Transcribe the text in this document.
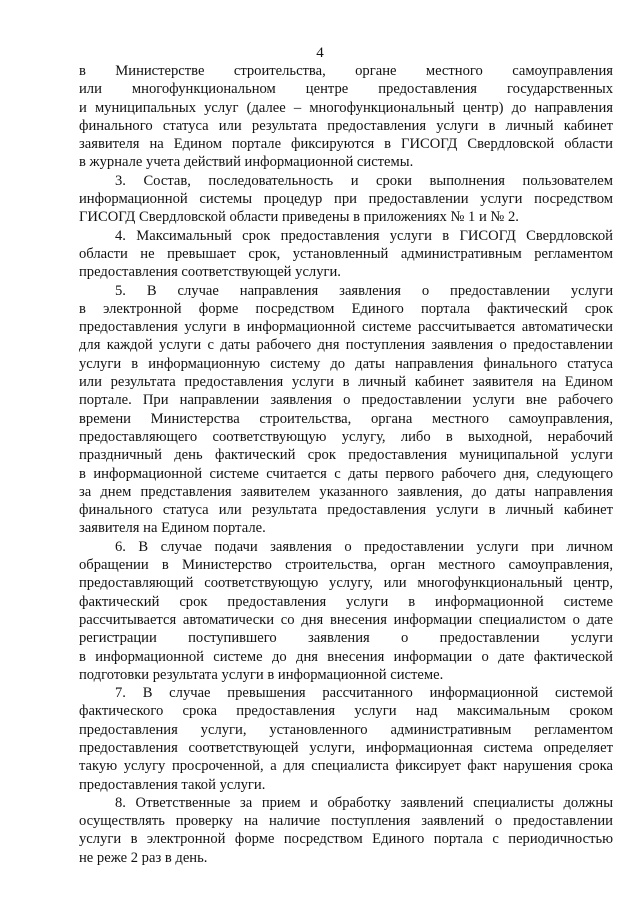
4
в Министерстве строительства, органе местного самоуправления
или многофункциональном центре предоставления государственных
и муниципальных услуг (далее – многофункциональный центр) до направления
финального статуса или результата предоставления услуги в личный кабинет
заявителя на Едином портале фиксируются в ГИСОГД Свердловской области
в журнале учета действий информационной системы.
3. Состав, последовательность и сроки выполнения пользователем
информационной системы процедур при предоставлении услуги посредством
ГИСОГД Свердловской области приведены в приложениях № 1 и № 2.
4. Максимальный срок предоставления услуги в ГИСОГД Свердловской
области не превышает срок, установленный административным регламентом
предоставления соответствующей услуги.
5. В случае направления заявления о предоставлении услуги
в электронной форме посредством Единого портала фактический срок
предоставления услуги в информационной системе рассчитывается автоматически
для каждой услуги с даты рабочего дня поступления заявления о предоставлении
услуги в информационную систему до даты направления финального статуса
или результата предоставления услуги в личный кабинет заявителя на Едином
портале. При направлении заявления о предоставлении услуги вне рабочего
времени Министерства строительства, органа местного самоуправления,
предоставляющего соответствующую услугу, либо в выходной, нерабочий
праздничный день фактический срок предоставления муниципальной услуги
в информационной системе считается с даты первого рабочего дня, следующего
за днем представления заявителем указанного заявления, до даты направления
финального статуса или результата предоставления услуги в личный кабинет
заявителя на Едином портале.
6. В случае подачи заявления о предоставлении услуги при личном
обращении в Министерство строительства, орган местного самоуправления,
предоставляющий соответствующую услугу, или многофункциональный центр,
фактический срок предоставления услуги в информационной системе
рассчитывается автоматически со дня внесения информации специалистом о дате
регистрации поступившего заявления о предоставлении услуги
в информационной системе до дня внесения информации о дате фактической
подготовки результата услуги в информационной системе.
7. В случае превышения рассчитанного информационной системой
фактического срока предоставления услуги над максимальным сроком
предоставления услуги, установленного административным регламентом
предоставления соответствующей услуги, информационная система определяет
такую услугу просроченной, а для специалиста фиксирует факт нарушения срока
предоставления такой услуги.
8. Ответственные за прием и обработку заявлений специалисты должны
осуществлять проверку на наличие поступления заявлений о предоставлении
услуги в электронной форме посредством Единого портала с периодичностью
не реже 2 раз в день.
